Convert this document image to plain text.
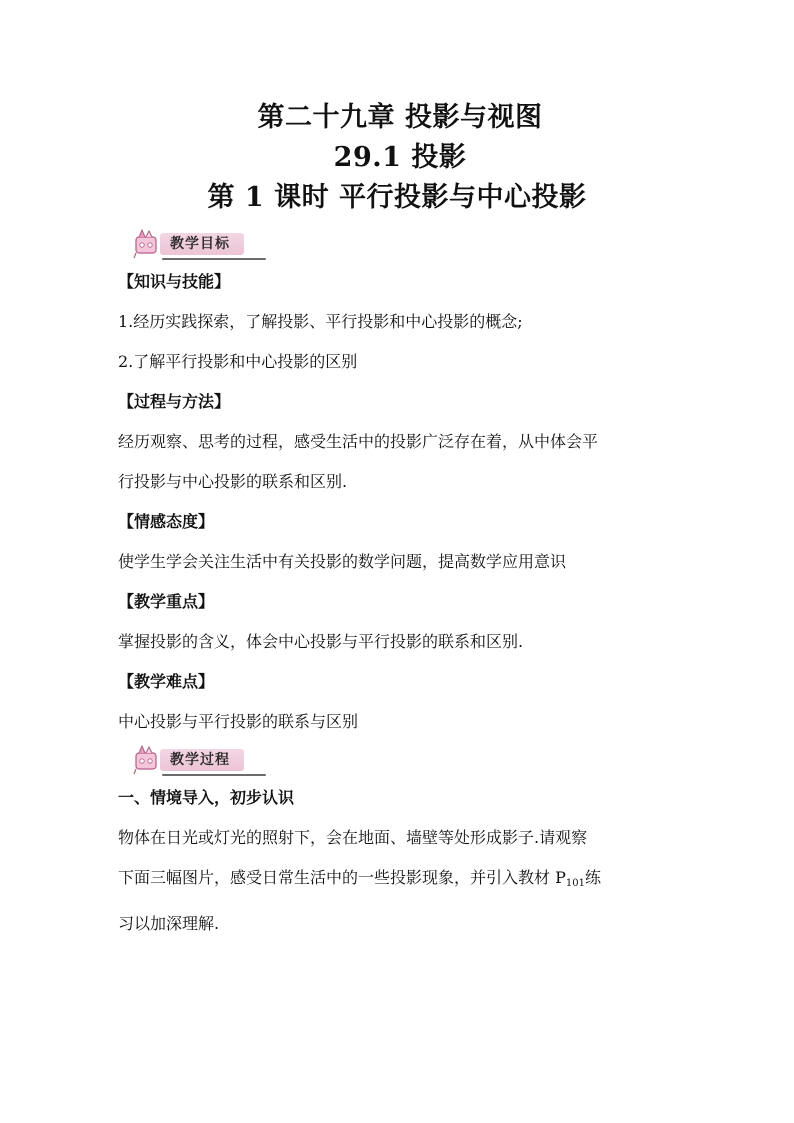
第二十九章 投影与视图
29.1 投影
第 1 课时 平行投影与中心投影
教学目标

【知识与技能】

1.经历实践探索，了解投影、平行投影和中心投影的概念;

2.了解平行投影和中心投影的区别

【过程与方法】

经历观察、思考的过程，感受生活中的投影广泛存在着，从中体会平

行投影与中心投影的联系和区别.

【情感态度】

使学生学会关注生活中有关投影的数学问题，提高数学应用意识

【教学重点】

掌握投影的含义，体会中心投影与平行投影的联系和区别.

【教学难点】

中心投影与平行投影的联系与区别

教学过程

一、情境导入，初步认识

物体在日光或灯光的照射下，会在地面、墙壁等处形成影子.请观察

下面三幅图片，感受日常生活中的一些投影现象，并引入教材 $P_{101}$练

习以加深理解.
